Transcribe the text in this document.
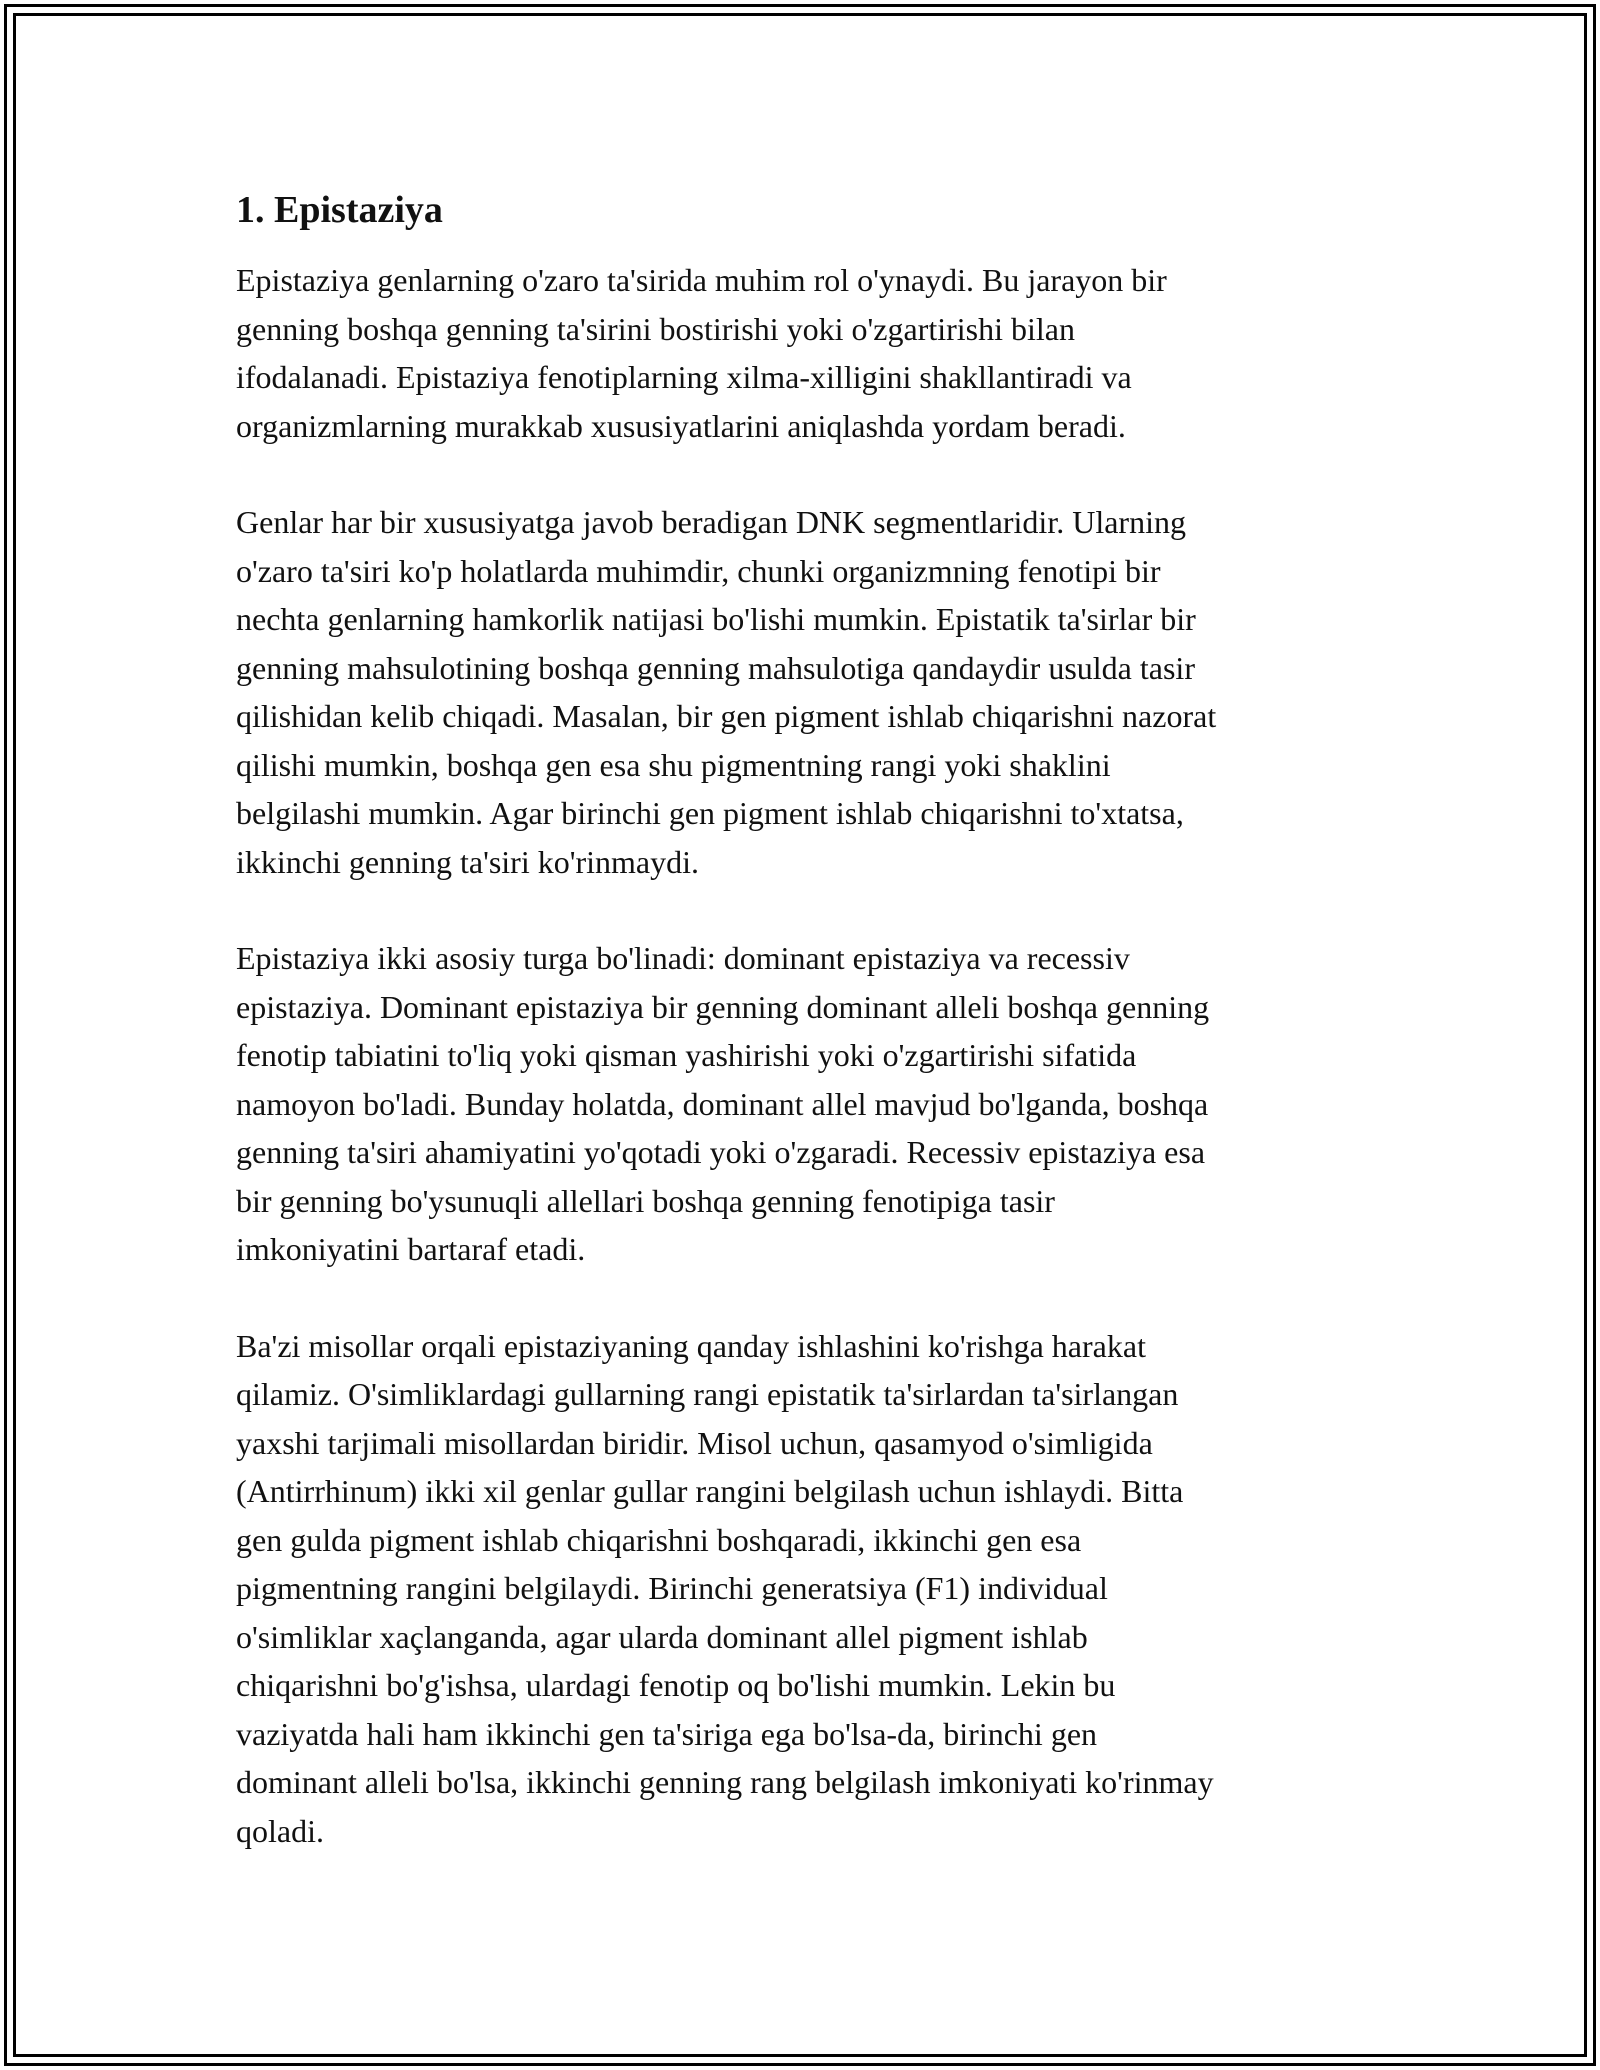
1. Epistaziya

Epistaziya genlarning o'zaro ta'sirida muhim rol o'ynaydi. Bu jarayon bir
genning boshqa genning ta'sirini bostirishi yoki o'zgartirishi bilan
ifodalanadi. Epistaziya fenotiplarning xilma-xilligini shakllantiradi va
organizmlarning murakkab xususiyatlarini aniqlashda yordam beradi.

Genlar har bir xususiyatga javob beradigan DNK segmentlaridir. Ularning
o'zaro ta'siri ko'p holatlarda muhimdir, chunki organizmning fenotipi bir
nechta genlarning hamkorlik natijasi bo'lishi mumkin. Epistatik ta'sirlar bir
genning mahsulotining boshqa genning mahsulotiga qandaydir usulda tasir
qilishidan kelib chiqadi. Masalan, bir gen pigment ishlab chiqarishni nazorat
qilishi mumkin, boshqa gen esa shu pigmentning rangi yoki shaklini
belgilashi mumkin. Agar birinchi gen pigment ishlab chiqarishni to'xtatsa,
ikkinchi genning ta'siri ko'rinmaydi.

Epistaziya ikki asosiy turga bo'linadi: dominant epistaziya va recessiv
epistaziya. Dominant epistaziya bir genning dominant alleli boshqa genning
fenotip tabiatini to'liq yoki qisman yashirishi yoki o'zgartirishi sifatida
namoyon bo'ladi. Bunday holatda, dominant allel mavjud bo'lganda, boshqa
genning ta'siri ahamiyatini yo'qotadi yoki o'zgaradi. Recessiv epistaziya esa
bir genning bo'ysunuqli allellari boshqa genning fenotipiga tasir
imkoniyatini bartaraf etadi.

Ba'zi misollar orqali epistaziyaning qanday ishlashini ko'rishga harakat
qilamiz. O'simliklardagi gullarning rangi epistatik ta'sirlardan ta'sirlangan
yaxshi tarjimali misollardan biridir. Misol uchun, qasamyod o'simligida
(Antirrhinum) ikki xil genlar gullar rangini belgilash uchun ishlaydi. Bitta
gen gulda pigment ishlab chiqarishni boshqaradi, ikkinchi gen esa
pigmentning rangini belgilaydi. Birinchi generatsiya (F1) individual
o'simliklar xaçlanganda, agar ularda dominant allel pigment ishlab
chiqarishni bo'g'ishsa, ulardagi fenotip oq bo'lishi mumkin. Lekin bu
vaziyatda hali ham ikkinchi gen ta'siriga ega bo'lsa-da, birinchi gen
dominant alleli bo'lsa, ikkinchi genning rang belgilash imkoniyati ko'rinmay
qoladi.
